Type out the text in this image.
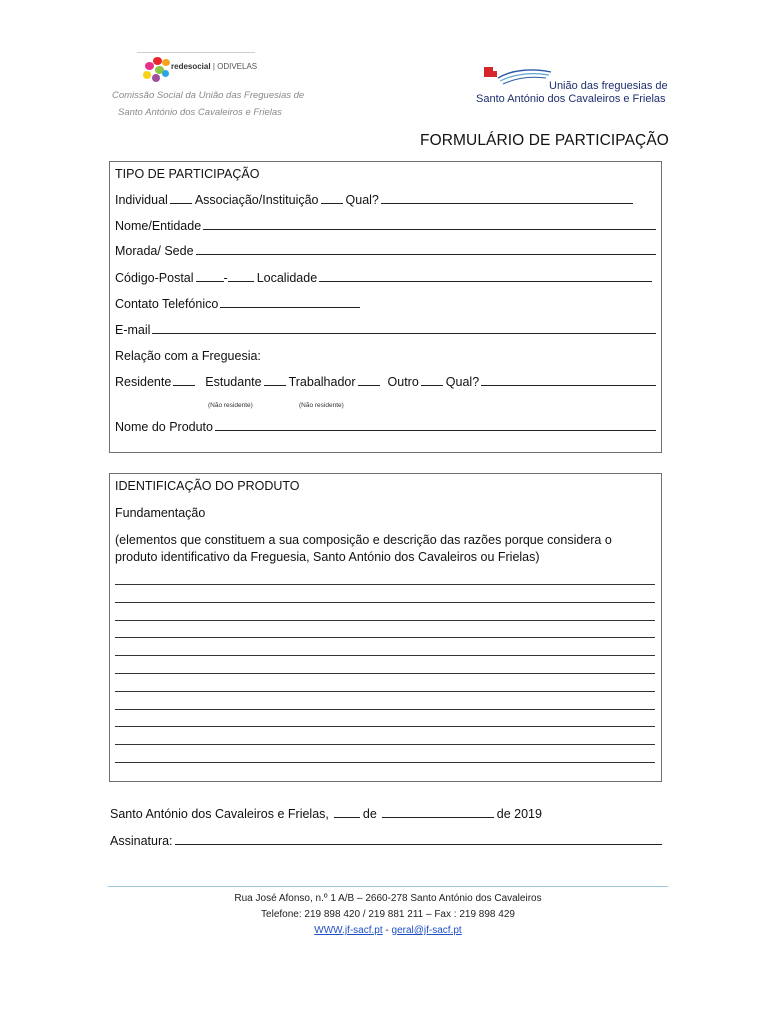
redesocial | ODIVELAS
Comissão Social da União das Freguesias de
Santo António dos Cavaleiros e Frielas
União das freguesias de
Santo António dos Cavaleiros e Frielas
FORMULÁRIO DE PARTICIPAÇÃO
TIPO DE PARTICIPAÇÃO
Individual Associação/Instituição Qual?
Nome/Entidade
Morada/ Sede
Código-Postal - Localidade
Contato Telefónico
E-mail
Relação com a Freguesia:
Residente	Estudante Trabalhador	Outro Qual?
(Não residente)	(Não residente)
Nome do Produto
IDENTIFICAÇÃO DO PRODUTO
Fundamentação
(elementos que constituem a sua composição e descrição das razões porque considera o
produto identificativo da Freguesia, Santo António dos Cavaleiros ou Frielas)
Santo António dos Cavaleiros e Frielas,	de	de 2019
Assinatura:
Rua José Afonso, n.º 1 A/B – 2660-278 Santo António dos Cavaleiros
Telefone: 219 898 420 / 219 881 211 – Fax : 219 898 429
WWW.jf-sacf.pt - geral@jf-sacf.pt
